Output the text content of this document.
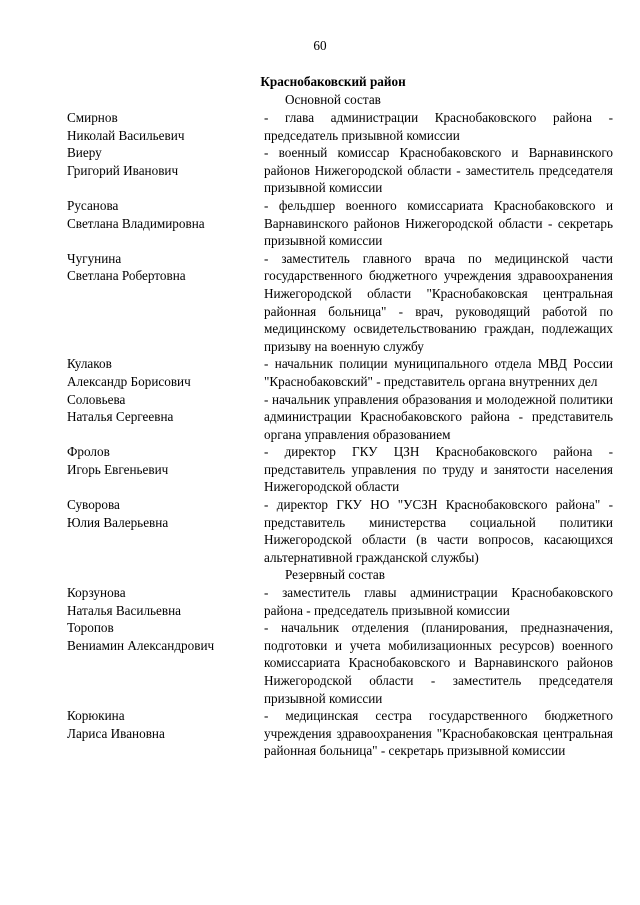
60
Краснобаковский район
Основной состав
Смирнов
Николай Васильевич
- глава администрации Краснобаковского района - председатель призывной комиссии
Виеру
Григорий Иванович
- военный комиссар Краснобаковского и Варнавинского районов Нижегородской области - заместитель председателя призывной комиссии
Русанова
Светлана Владимировна
- фельдшер военного комиссариата Краснобаковского и Варнавинского районов Нижегородской области - секретарь призывной комиссии
Чугунина
Светлана Робертовна
- заместитель главного врача по медицинской части государственного бюджетного учреждения здравоохранения Нижегородской области "Краснобаковская центральная районная больница" - врач, руководящий работой по медицинскому освидетельствованию граждан, подлежащих призыву на военную службу
Кулаков
Александр Борисович
- начальник полиции муниципального отдела МВД России "Краснобаковский" - представитель органа внутренних дел
Соловьева
Наталья Сергеевна
- начальник управления образования и молодежной политики администрации Краснобаковского района - представитель органа управления образованием
Фролов
Игорь Евгеньевич
- директор ГКУ ЦЗН Краснобаковского района - представитель управления по труду и занятости населения Нижегородской области
Суворова
Юлия Валерьевна
- директор ГКУ НО "УСЗН Краснобаковского района" - представитель министерства социальной политики Нижегородской области (в части вопросов, касающихся альтернативной гражданской службы)
Резервный состав
Корзунова
Наталья Васильевна
- заместитель главы администрации Краснобаковского района - председатель призывной комиссии
Торопов
Вениамин Александрович
- начальник отделения (планирования, предназначения, подготовки и учета мобилизационных ресурсов) военного комиссариата Краснобаковского и Варнавинского районов Нижегородской области - заместитель председателя призывной комиссии
Корюкина
Лариса Ивановна
- медицинская сестра государственного бюджетного учреждения здравоохранения "Краснобаковская центральная районная больница" - секретарь призывной комиссии
